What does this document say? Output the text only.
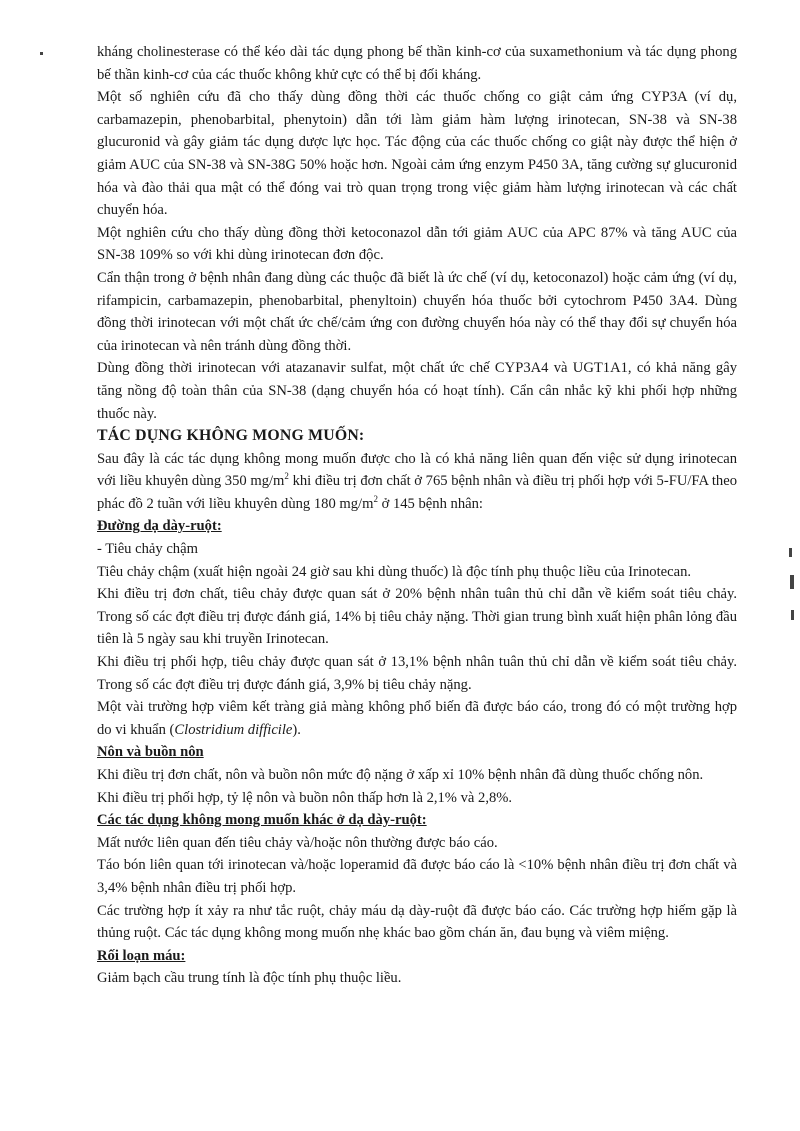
kháng cholinesterase có thể kéo dài tác dụng phong bế thần kinh-cơ của suxamethonium và tác dụng phong bế thần kinh-cơ của các thuốc không khử cực có thể bị đối kháng.

Một số nghiên cứu đã cho thấy dùng đồng thời các thuốc chống co giật cảm ứng CYP3A (ví dụ, carbamazepin, phenobarbital, phenytoin) dẫn tới làm giảm hàm lượng irinotecan, SN-38 và SN-38 glucuronid và gây giảm tác dụng dược lực học. Tác động của các thuốc chống co giật này được thể hiện ở giảm AUC của SN-38 và SN-38G 50% hoặc hơn. Ngoài cảm ứng enzym P450 3A, tăng cường sự glucuronid hóa và đào thải qua mật có thể đóng vai trò quan trọng trong việc giảm hàm lượng irinotecan và các chất chuyển hóa.

Một nghiên cứu cho thấy dùng đồng thời ketoconazol dẫn tới giảm AUC của APC 87% và tăng AUC của SN-38 109% so với khi dùng irinotecan đơn độc.

Cẩn thận trong ở bệnh nhân đang dùng các thuộc đã biết là ức chế (ví dụ, ketoconazol) hoặc cảm ứng (ví dụ, rifampicin, carbamazepin, phenobarbital, phenyltoin) chuyển hóa thuốc bởi cytochrom P450 3A4. Dùng đồng thời irinotecan với một chất ức chế/cảm ứng con đường chuyển hóa này có thể thay đổi sự chuyển hóa của irinotecan và nên tránh dùng đồng thời.

Dùng đồng thời irinotecan với atazanavir sulfat, một chất ức chế CYP3A4 và UGT1A1, có khả năng gây tăng nồng độ toàn thân của SN-38 (dạng chuyển hóa có hoạt tính). Cẩn cân nhắc kỹ khi phối hợp những thuốc này.

TÁC DỤNG KHÔNG MONG MUỐN:

Sau đây là các tác dụng không mong muốn được cho là có khả năng liên quan đến việc sử dụng irinotecan với liều khuyên dùng 350 $mg/m^2$ khi điều trị đơn chất ở 765 bệnh nhân và điều trị phối hợp với 5-FU/FA theo phác đồ 2 tuần với liều khuyên dùng 180 $mg/m^2$ ở 145 bệnh nhân:

Đường dạ dày-ruột:
- Tiêu chảy chậm

Tiêu chảy chậm (xuất hiện ngoài 24 giờ sau khi dùng thuốc) là độc tính phụ thuộc liều của Irinotecan.

Khi điều trị đơn chất, tiêu chảy được quan sát ở 20% bệnh nhân tuân thủ chỉ dẫn về kiểm soát tiêu chảy. Trong số các đợt điều trị được đánh giá, 14% bị tiêu chảy nặng. Thời gian trung bình xuất hiện phân lỏng đầu tiên là 5 ngày sau khi truyền Irinotecan.

Khi điều trị phối hợp, tiêu chảy được quan sát ở 13,1% bệnh nhân tuân thủ chỉ dẫn về kiểm soát tiêu chảy. Trong số các đợt điều trị được đánh giá, 3,9% bị tiêu chảy nặng.

Một vài trường hợp viêm kết tràng giả màng không phổ biến đã được báo cáo, trong đó có một trường hợp do vi khuẩn (Clostridium difficile).

Nôn và buồn nôn

Khi điều trị đơn chất, nôn và buồn nôn mức độ nặng ở xấp xỉ 10% bệnh nhân đã dùng thuốc chống nôn.

Khi điều trị phối hợp, tỷ lệ nôn và buồn nôn thấp hơn là 2,1% và 2,8%.

Các tác dụng không mong muốn khác ở dạ dày-ruột:

Mất nước liên quan đến tiêu chảy và/hoặc nôn thường được báo cáo.

Táo bón liên quan tới irinotecan và/hoặc loperamid đã được báo cáo là <10% bệnh nhân điều trị đơn chất và 3,4% bệnh nhân điều trị phối hợp.

Các trường hợp ít xảy ra như tắc ruột, chảy máu dạ dày-ruột đã được báo cáo. Các trường hợp hiếm gặp là thủng ruột. Các tác dụng không mong muốn nhẹ khác bao gồm chán ăn, đau bụng và viêm miệng.

Rối loạn máu:

Giảm bạch cầu trung tính là độc tính phụ thuộc liều.
